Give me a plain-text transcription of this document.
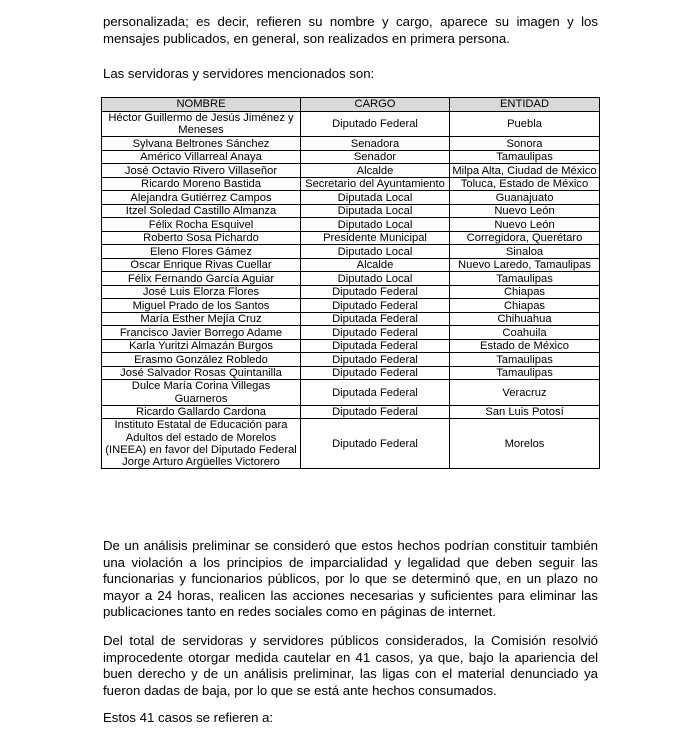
personalizada; es decir, refieren su nombre y cargo, aparece su imagen y los mensajes publicados, en general, son realizados en primera persona.

Las servidoras y servidores mencionados son:

NOMBRE	CARGO	ENTIDAD
Héctor Guillermo de Jesús Jiménez y Meneses	Diputado Federal	Puebla
Sylvana Beltrones Sánchez	Senadora	Sonora
Américo Villarreal Anaya	Senador	Tamaulipas
José Octavio Rivero Villaseñor	Alcalde	Milpa Alta, Ciudad de México
Ricardo Moreno Bastida	Secretario del Ayuntamiento	Toluca, Estado de México
Alejandra Gutiérrez Campos	Diputada Local	Guanajuato
Itzel Soledad Castillo Almanza	Diputada Local	Nuevo León
Félix Rocha Esquivel	Diputado Local	Nuevo León
Roberto Sosa Pichardo	Presidente Municipal	Corregidora, Querétaro
Eleno Flores Gámez	Diputado Local	Sinaloa
Óscar Enrique Rivas Cuellar	Alcalde	Nuevo Laredo, Tamaulipas
Félix Fernando García Aguiar	Diputado Local	Tamaulipas
José Luis Elorza Flores	Diputado Federal	Chiapas
Miguel Prado de los Santos	Diputado Federal	Chiapas
María Esther Mejía Cruz	Diputada Federal	Chihuahua
Francisco Javier Borrego Adame	Diputado Federal	Coahuila
Karla Yuritzi Almazán Burgos	Diputada Federal	Estado de México
Erasmo González Robledo	Diputado Federal	Tamaulipas
José Salvador Rosas Quintanilla	Diputado Federal	Tamaulipas
Dulce María Corina Villegas Guarneros	Diputada Federal	Veracruz
Ricardo Gallardo Cardona	Diputado Federal	San Luis Potosí
Instituto Estatal de Educación para Adultos del estado de Morelos (INEEA) en favor del Diputado Federal Jorge Arturo Argüelles Victorero	Diputado Federal	Morelos

De un análisis preliminar se consideró que estos hechos podrían constituir también una violación a los principios de imparcialidad y legalidad que deben seguir las funcionarias y funcionarios públicos, por lo que se determinó que, en un plazo no mayor a 24 horas, realicen las acciones necesarias y suficientes para eliminar las publicaciones tanto en redes sociales como en páginas de internet.

Del total de servidoras y servidores públicos considerados, la Comisión resolvió improcedente otorgar medida cautelar en 41 casos, ya que, bajo la apariencia del buen derecho y de un análisis preliminar, las ligas con el material denunciado ya fueron dadas de baja, por lo que se está ante hechos consumados.

Estos 41 casos se refieren a:
